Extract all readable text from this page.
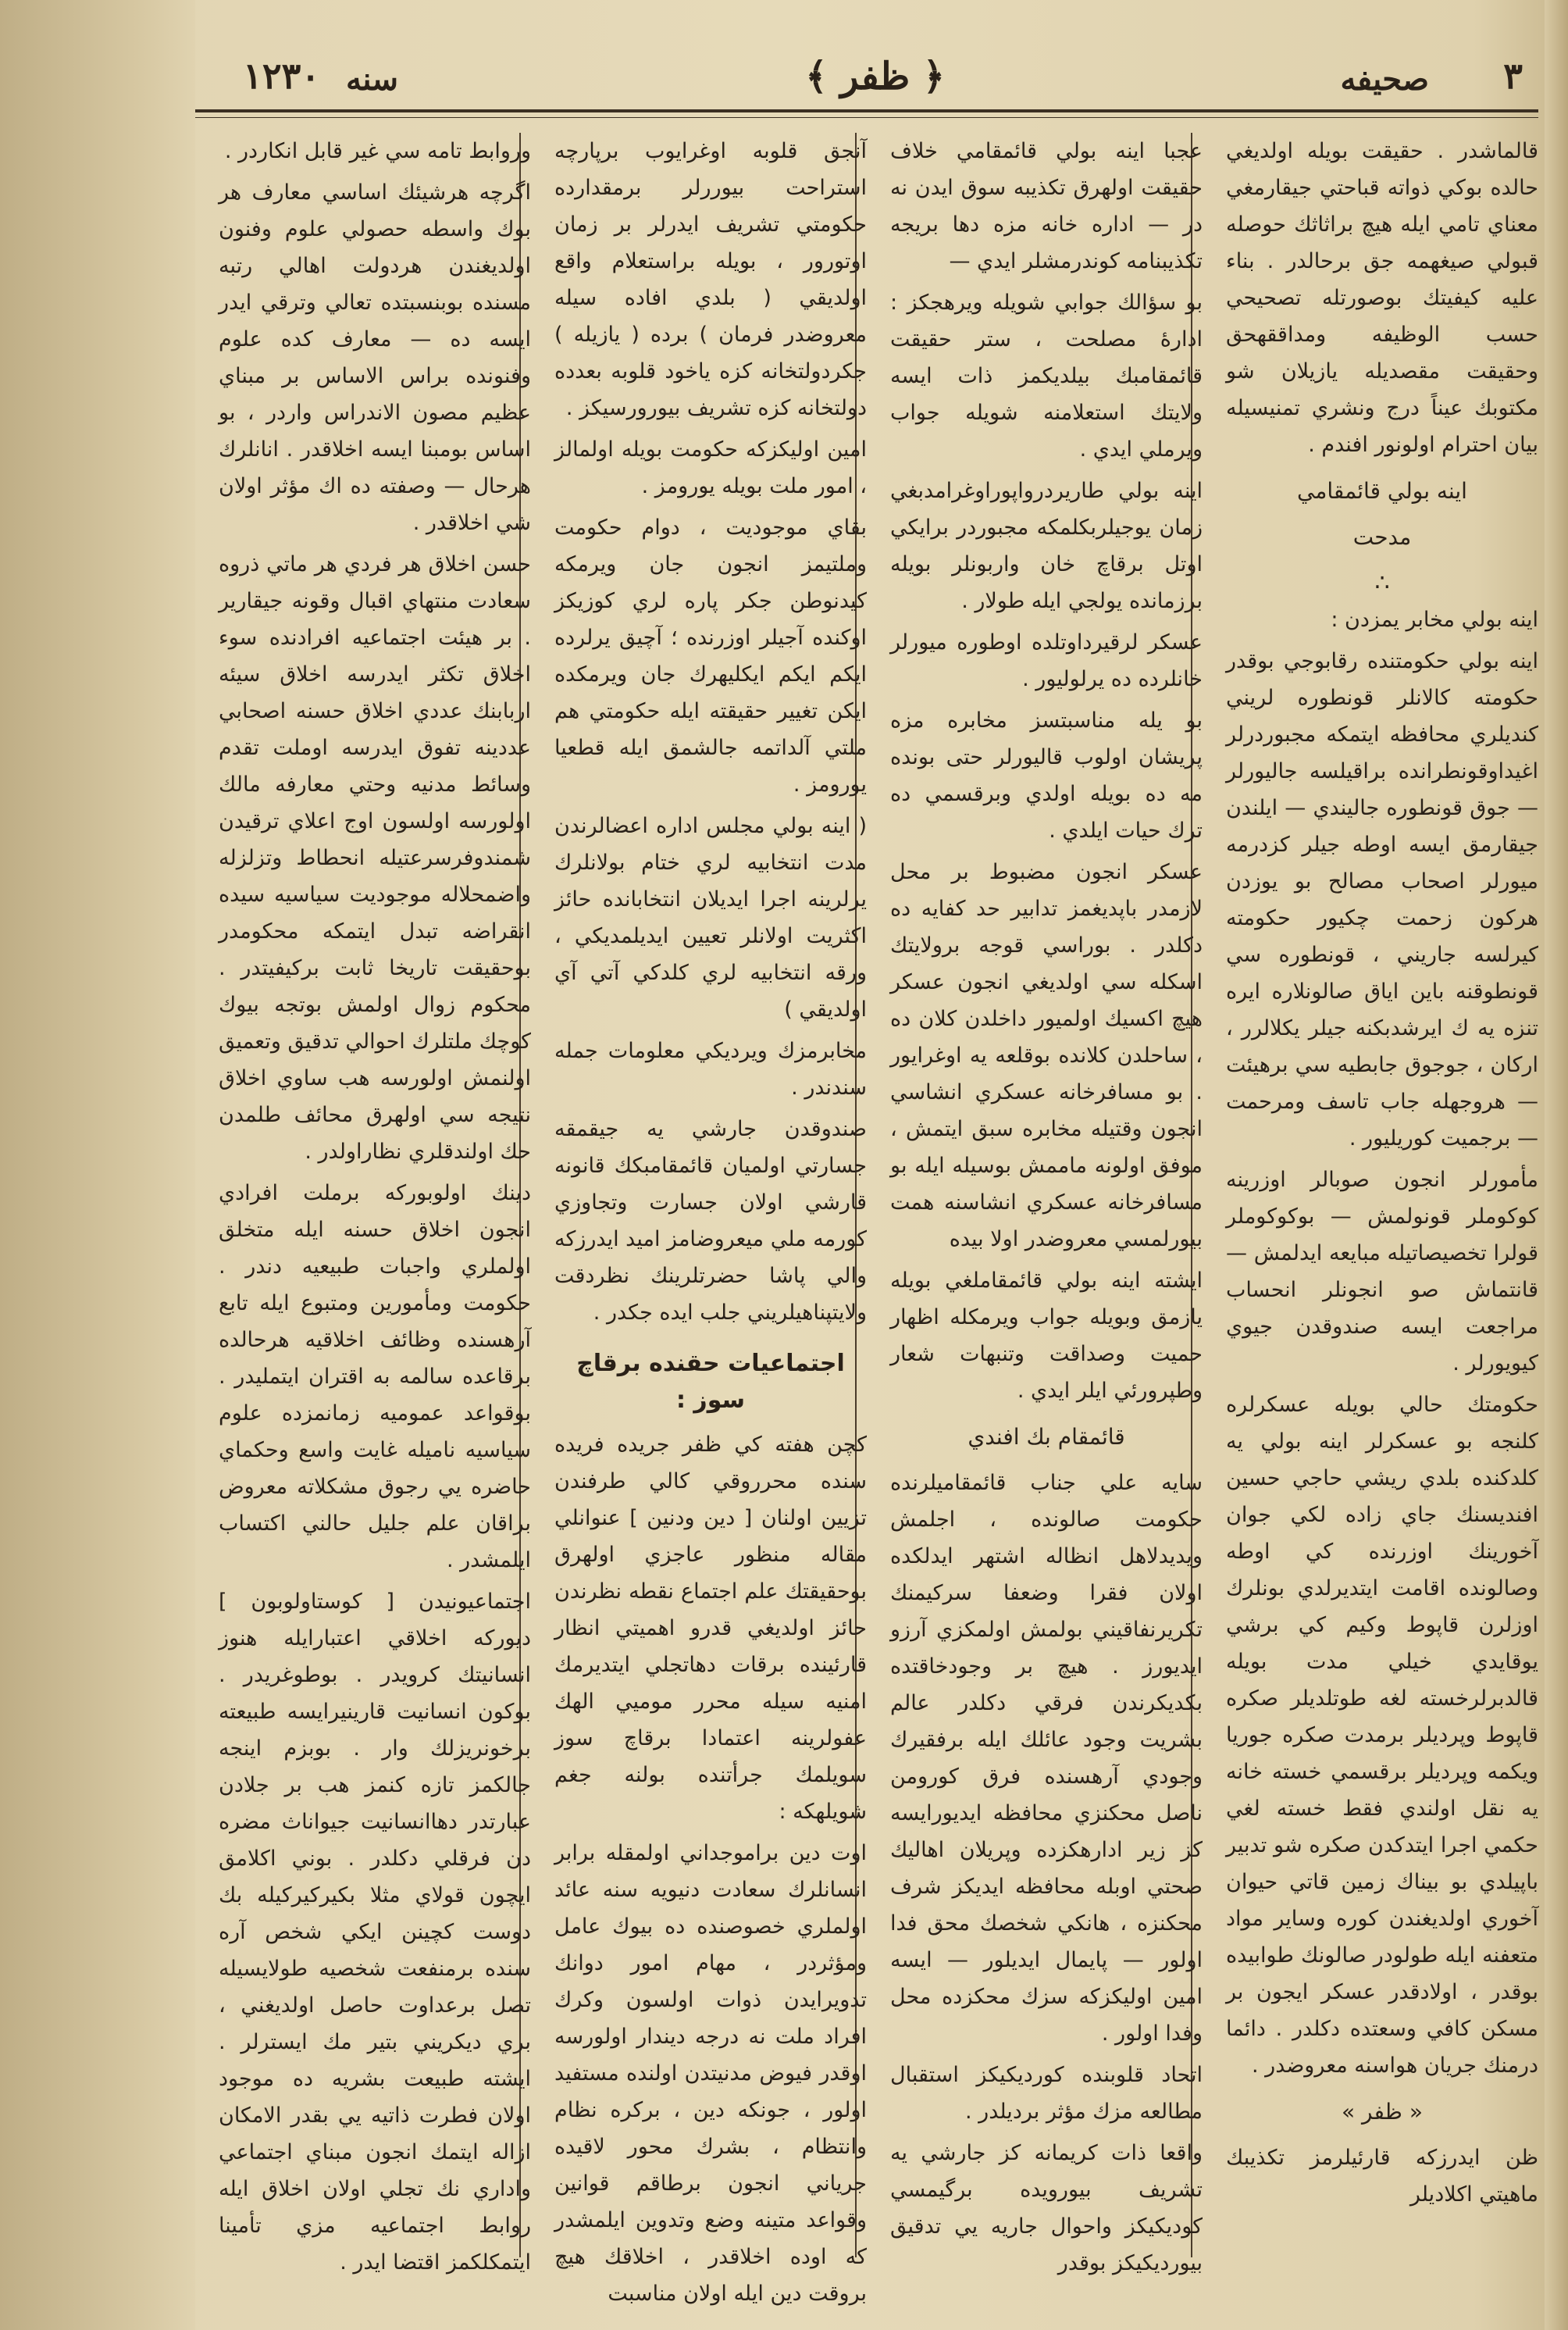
٣
صحيفه
﴿ ظفر ﴾
سنه
١٢٣٠

قالماشدر . حقيقت بويله اولديغي حالده بوكي ذواته قباحتي جيقارمغي معناي تامي ايله هيچ براثاثك حوصله قبولي صيغهمه جق برحالدر . بناء عليه كيفيتك بوصورتله تصحيحي حسب الوظيفه ومداققهحق وحقيقت مقصديله يازيلان شو مكتوبك عيناً درج ونشري تمنيسيله بيان احترام اولونور افندم .

اينه بولي قائمقامي
مدحت
∴

اينه بولي مخابر يمزدن :

اينه بولي حكومتنده رقابوجي بوقدر حكومته كالانلر قونطوره لريني كنديلري محافظه ايتمكه مجبوردرلر اغيداوقونطرانده براقيلسه جاليورلر — جوق قونطوره جاليندي — ايلندن جيقارمق ايسه اوطه جيلر كزدرمه ميورلر اصحاب مصالح بو يوزدن هركون زحمت چكيور حكومته كيرلسه جاريني ، قونطوره سي قونطوقنه باين اياق صالونلاره ايره تنزه يه ك ايرشدبكنه جيلر يكلالرر ، اركان ، جوجوق جابطيه سي برهيئت — هروجهله جاب تاسف ومرحمت — برجميت كوريليور .

مأمورلر انجون صوبالر اوزرينه كوكوملر قونولمش — بوكوكوملر قولرا تخصيصاتيله مبايعه ايدلمش — قانتماش صو انجونلر انحساب مراجعت ايسه صندوقدن جيوي كيويورلر .

حكومتك حالي بويله عسكرلره كلنجه بو عسكرلر اينه بولي يه كلدكنده بلدي ريشي حاجي حسين افنديسنك جاي زاده لكي جوان آخورينك اوزرنده كي اوطه وصالونده اقامت ايتديرلدي بونلرك اوزلرن قاپوط وكيم كي برشي يوقايدي خيلي مدت بويله قالدبرلرخسته لغه طوتلديلر صكره قاپوط وپرديلر برمدت صكره جوريا ويكمه وپرديلر برقسمي خسته خانه يه نقل اولندي فقط خسته لغي حكمي اجرا ايتدكدن صكره شو تدبير باپيلدي بو بيناك زمين قاتي حيوان آخوري اولديغندن كوره وساير مواد متعفنه ايله طولودر صالونك طوابيده بوقدر ، اولادقدر عسكر ايجون بر مسكن كافي وسعتده دكلدر . دائما درمنك جريان هواسنه معروضدر .

« ظفر »

ظن ايدرزكه قارئيلرمز تكذيبك ماهيتي اكلاديلر

عجبا اينه بولي قائمقامي خلاف حقيقت اولهرق تكذيبه سوق ايدن نه در — اداره خانه مزه دها بريجه تكذيبنامه كوندرمشلر ايدي —

بو سؤالك جوابي شويله ويرهجكز : ادارهٔ مصلحت ، ستر حقيقت قائمقامبك بيلديكمز ذات ايسه ولايتك استعلامنه شويله جواب ويرملي ايدي .

اينه بولي طاريردرواپوراوغرامدبغي زمان يوجيلربكلمكه مجبوردر برايكي اوتل برقاچ خان واربونلر بويله برزمانده يولجي ايله طولار .

عسكر لرقيرداوتلده اوطوره ميورلر خانلرده ده يرلوليور .

بو يله مناسبتسز مخابره مزه پريشان اولوب قاليورلر حتى بونده مه ده بويله اولدي وبرقسمي ده ترك حيات ايلدي .

عسكر انجون مضبوط بر محل لازمدر باپديغمز تدابير حد كفايه ده دكلدر . بوراسي قوجه برولايتك اسكله سي اولديغي انجون عسكر هيچ اكسيك اولميور داخلدن كلان ده ، ساحلدن كلانده بوقلعه يه اوغرايور . بو مسافرخانه عسكري انشاسي انجون وقتيله مخابره سبق ايتمش ، موفق اولونه ماممش بوسيله ايله بو مسافرخانه عسكري انشاسنه همت بيورلمسي معروضدر اولا بيده

ايشته اينه بولي قائمقاملغي بويله يازمق وبويله جواب ويرمكله اظهار حميت وصداقت وتنبهات شعار وطپرورئي ايلر ايدي .

قائمقام بك افندي

سايه علي جناب قائمقاميلرنده حكومت صالونده ، اجلمش ويديدلاهل انظاله اشتهر ايدلكده اولان فقرا وضعفا سركيمنك تكريرنفاقيني بولمش اولمكزي آرزو ايديورز . هيچ بر وجودخاقتده بكديكرندن فرقي دكلدر عالم بشريت وجود عائلك ايله برفقيرك وجودي آرهسنده فرق كورومن ناصل محكنزي محافظه ايديورايسه كز زير ادارهكزده وپريلان اهاليك صحتي اوبله محافظه ايديكز شرف محكنزه ، هانكي شخصك محق فدا اولور — پايمال ايديلور — ايسه امين اوليكزكه سزك محكزده محل وفدا اولور .

اتحاد قلوبنده كورديكيكز استقبال مطالعه مزك مؤثر برديلدر .

واقعا ذات كريمانه كز جارشي يه تشريف بيورويده برگيمسي كوديكيكز واحوال جاريه يي تدقيق بيورديكيكز بوقدر

آنجق قلوبه اوغرايوب برپارچه استراحت بيوررلر برمقدارده حكومتي تشريف ايدرلر بر زمان اوتورور ، بويله براستعلام واقع اولديقي ( بلدي افاده سيله معروضدر فرمان ) برده ( يازيله ) جكردولتخانه كزه ياخود قلوبه بعدده دولتخانه كزه تشريف بيورورسيكز .

امين اوليكزكه حكومت بويله اولمالز ، امور ملت بويله يورومز .

بقاي موجوديت ، دوام حكومت وملتيمز انجون جان ويرمكه كيدنوطن جكر پاره لري كوزيكز اوكنده آجيلر اوزرنده ؛ آچيق يرلرده ايكم ايكم ايكليهرك جان ويرمكده ايكن تغيير حقيقته ايله حكومتي هم ملتي آلداتمه جالشمق ايله قطعيا يورومز .

( اينه بولي مجلس اداره اعضالرندن مدت انتخابيه لري ختام بولانلرك يرلرينه اجرا ايديلان انتخابانده حائز اكثريت اولانلر تعيين ايديلمديكي ، ورقه انتخابيه لري كلدكي آتي آي اولديقي )

مخابرمزك ويرديكي معلومات جمله سندندر .

صندوقدن جارشي يه جيقمقه جسارتي اولميان قائمقامبكك قانونه قارشي اولان جسارت وتجاوزي كورمه ملي ميعروضامز اميد ايدرزكه والي پاشا حضرتلرينك نظردقت ولايتپناهيلريني جلب ايده جكدر .

اجتماعيات حقنده برقاچ سوز :

كچن هفته كي ظفر جريده فريده سنده محرروقي كالي طرفندن تزيين اولنان [ دين ودنين ] عنوانلي مقاله منظور عاجزي اولهرق بوحقيقتك علم اجتماع نقطه نظرندن حائز اولديغي قدرو اهميتي انظار قارئينده برقات دهاتجلي ايتديرمك امنيه سيله محرر موميي الهك عفولرينه اعتمادا برقاچ سوز سويلمك جرأتنده بولنه جغم شويلهكه :

اوت دين براموجداني اولمقله برابر انسانلرك سعادت دنيويه سنه عائد اولملري خصوصنده ده بيوك عامل ومؤثردر ، مهام امور دوانك تدويرايدن ذوات اولسون وكرك افراد ملت نه درجه ديندار اولورسه اوقدر فيوض مدنيتدن اولنده مستفيد اولور ، جونكه دين ، بركره نظام وانتظام ، بشرك محور لاقيده جرياني انجون برطاقم قوانين وقواعد متينه وضع وتدوين ايلمشدر كه اوده اخلاقدر ، اخلاقك هيچ بروقت دين ايله اولان مناسبت

وروابط تامه سي غير قابل انكاردر .

اگرچه هرشيئك اساسي معارف هر بوك واسطه حصولي علوم وفنون اولديغندن هردولت اهالي رتبه مسنده بوبنسبتده تعالي وترقي ايدر ايسه ده — معارف كده علوم وفنونده براس الاساس بر مبناي عظيم مصون الاندراس واردر ، بو اساس بومبنا ايسه اخلاقدر . انانلرك هرحال — وصفته ده اك مؤثر اولان شي اخلاقدر .

حسن اخلاق هر فردي هر ماتي ذروه سعادت منتهاي اقبال وقونه جيقارير . بر هيئت اجتماعيه افرادنده سوء اخلاق تكثر ايدرسه اخلاق سيئه اربابنك عددي اخلاق حسنه اصحابي عددينه تفوق ايدرسه اوملت تقدم وسائط مدنيه وحتي معارفه مالك اولورسه اولسون اوج اعلاي ترقيدن شمندوفرسرعتيله انحطاط وتزلزله واضمحلاله موجوديت سياسيه سيده انقراضه تبدل ايتمكه محكومدر بوحقيقت تاريخا ثابت بركيفيتدر . محكوم زوال اولمش بوتجه بيوك كوچك ملتلرك احوالي تدقيق وتعميق اولنمش اولورسه هب ساوي اخلاق نتيجه سي اولهرق محائف طلمدن حك اولندقلري نظاراولدر .

دينك اولوبوركه برملت افرادي انجون اخلاق حسنه ايله متخلق اولملري واجبات طبيعيه دندر . حكومت ومأمورين ومتبوع ايله تابع آرهسنده وظائف اخلاقيه هرحالده برقاعده سالمه به اقتران ايتمليدر . بوقواعد عموميه زمانمزده علوم سياسيه ناميله غايت واسع وحكماي حاضره يي رجوق مشكلاته معروض براقان علم جليل حالني اكتساب ايلمشدر .

اجتماعيونيدن [ كوستاولوبون ] ديوركه اخلاقي اعتبارايله هنوز انسانيتك كرويدر . بوطوغريدر . بوكون انسانيت قارينيرايسه طبيعته برخونريزلك وار . بوبزم اينجه جالكمز تازه كنمز هب بر جلادن عبارتدر دهاانسانيت جيواناث مضره دن فرقلي دكلدر . بوني اكلامق ايچون قولاي مثلا بكيركيركيله بك دوست كچينن ايكي شخص آره سنده برمنفعت شخصيه طولايسيله تصل برعداوت حاصل اولديغني ، بري ديكريني بتير مك ايسترلر . ايشته طبيعت بشريه ده موجود اولان فطرت ذاتيه يي بقدر الامكان ازاله ايتمك انجون مبناي اجتماعي واداري نك تجلي اولان اخلاق ايله روابط اجتماعيه مزي تأمينا ايتمكلكمز اقتضا ايدر .
